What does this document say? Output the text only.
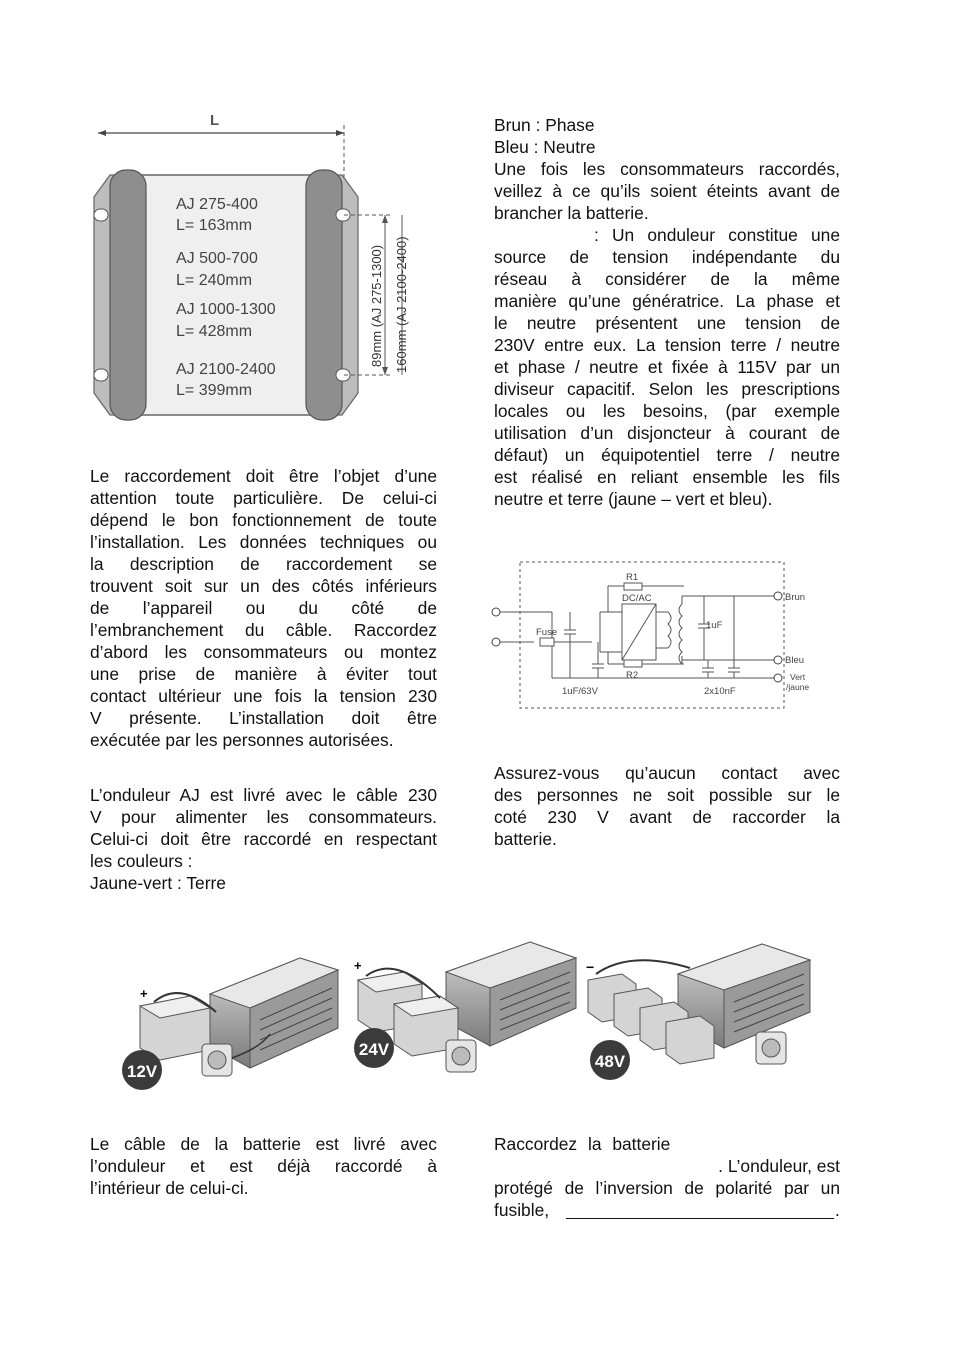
L
89mm (AJ 275-1300) 160mm (AJ 2100-2400)
AJ 275-400
L= 163mm
AJ 500-700
L= 240mm
AJ 1000-1300
L= 428mm
AJ 2100-2400
L= 399mm
Brun : Phase
Bleu : Neutre
Une fois les consommateurs raccordés,
veillez à ce qu’ils soient éteints avant de
brancher la batterie.
: Un onduleur constitue une
source de tension indépendante du
réseau à considérer de la même
manière qu’une génératrice. La phase et
le neutre présentent une tension de
230V entre eux. La tension terre / neutre
et phase / neutre et fixée à 115V par un
diviseur capacitif. Selon les prescriptions
locales ou les besoins, (par exemple
utilisation d’un disjoncteur à courant de
défaut) un équipotentiel terre / neutre
est réalisé en reliant ensemble les fils
neutre et terre (jaune – vert et bleu).
Le raccordement doit être l’objet d’une
attention toute particulière. De celui-ci
dépend le bon fonctionnement de toute
l’installation. Les données techniques ou
la description de raccordement se
trouvent soit sur un des côtés inférieurs
de l’appareil ou du côté de
l’embranchement du câble. Raccordez
d’abord les consommateurs ou montez
une prise de manière à éviter tout
contact ultérieur une fois la tension 230
V présente. L’installation doit être
exécutée par les personnes autorisées.
R1
DC/AC
R2
Fuse
1uF
1uF/63V	2x10nF
Brun
Bleu
Vert
/jaune
Assurez-vous qu’aucun contact avec
des personnes ne soit possible sur le
coté 230 V avant de raccorder la
batterie.
L’onduleur AJ est livré avec le câble 230
V pour alimenter les consommateurs.
Celui-ci doit être raccordé en respectant
les couleurs :
Jaune-vert : Terre
+
12V
+
24V
−
48V
Le câble de la batterie est livré avec
l’onduleur et est déjà raccordé à
l’intérieur de celui-ci.
Raccordez la batterie
. L’onduleur, est
protégé de l’inversion de polarité par un
fusible,	.
